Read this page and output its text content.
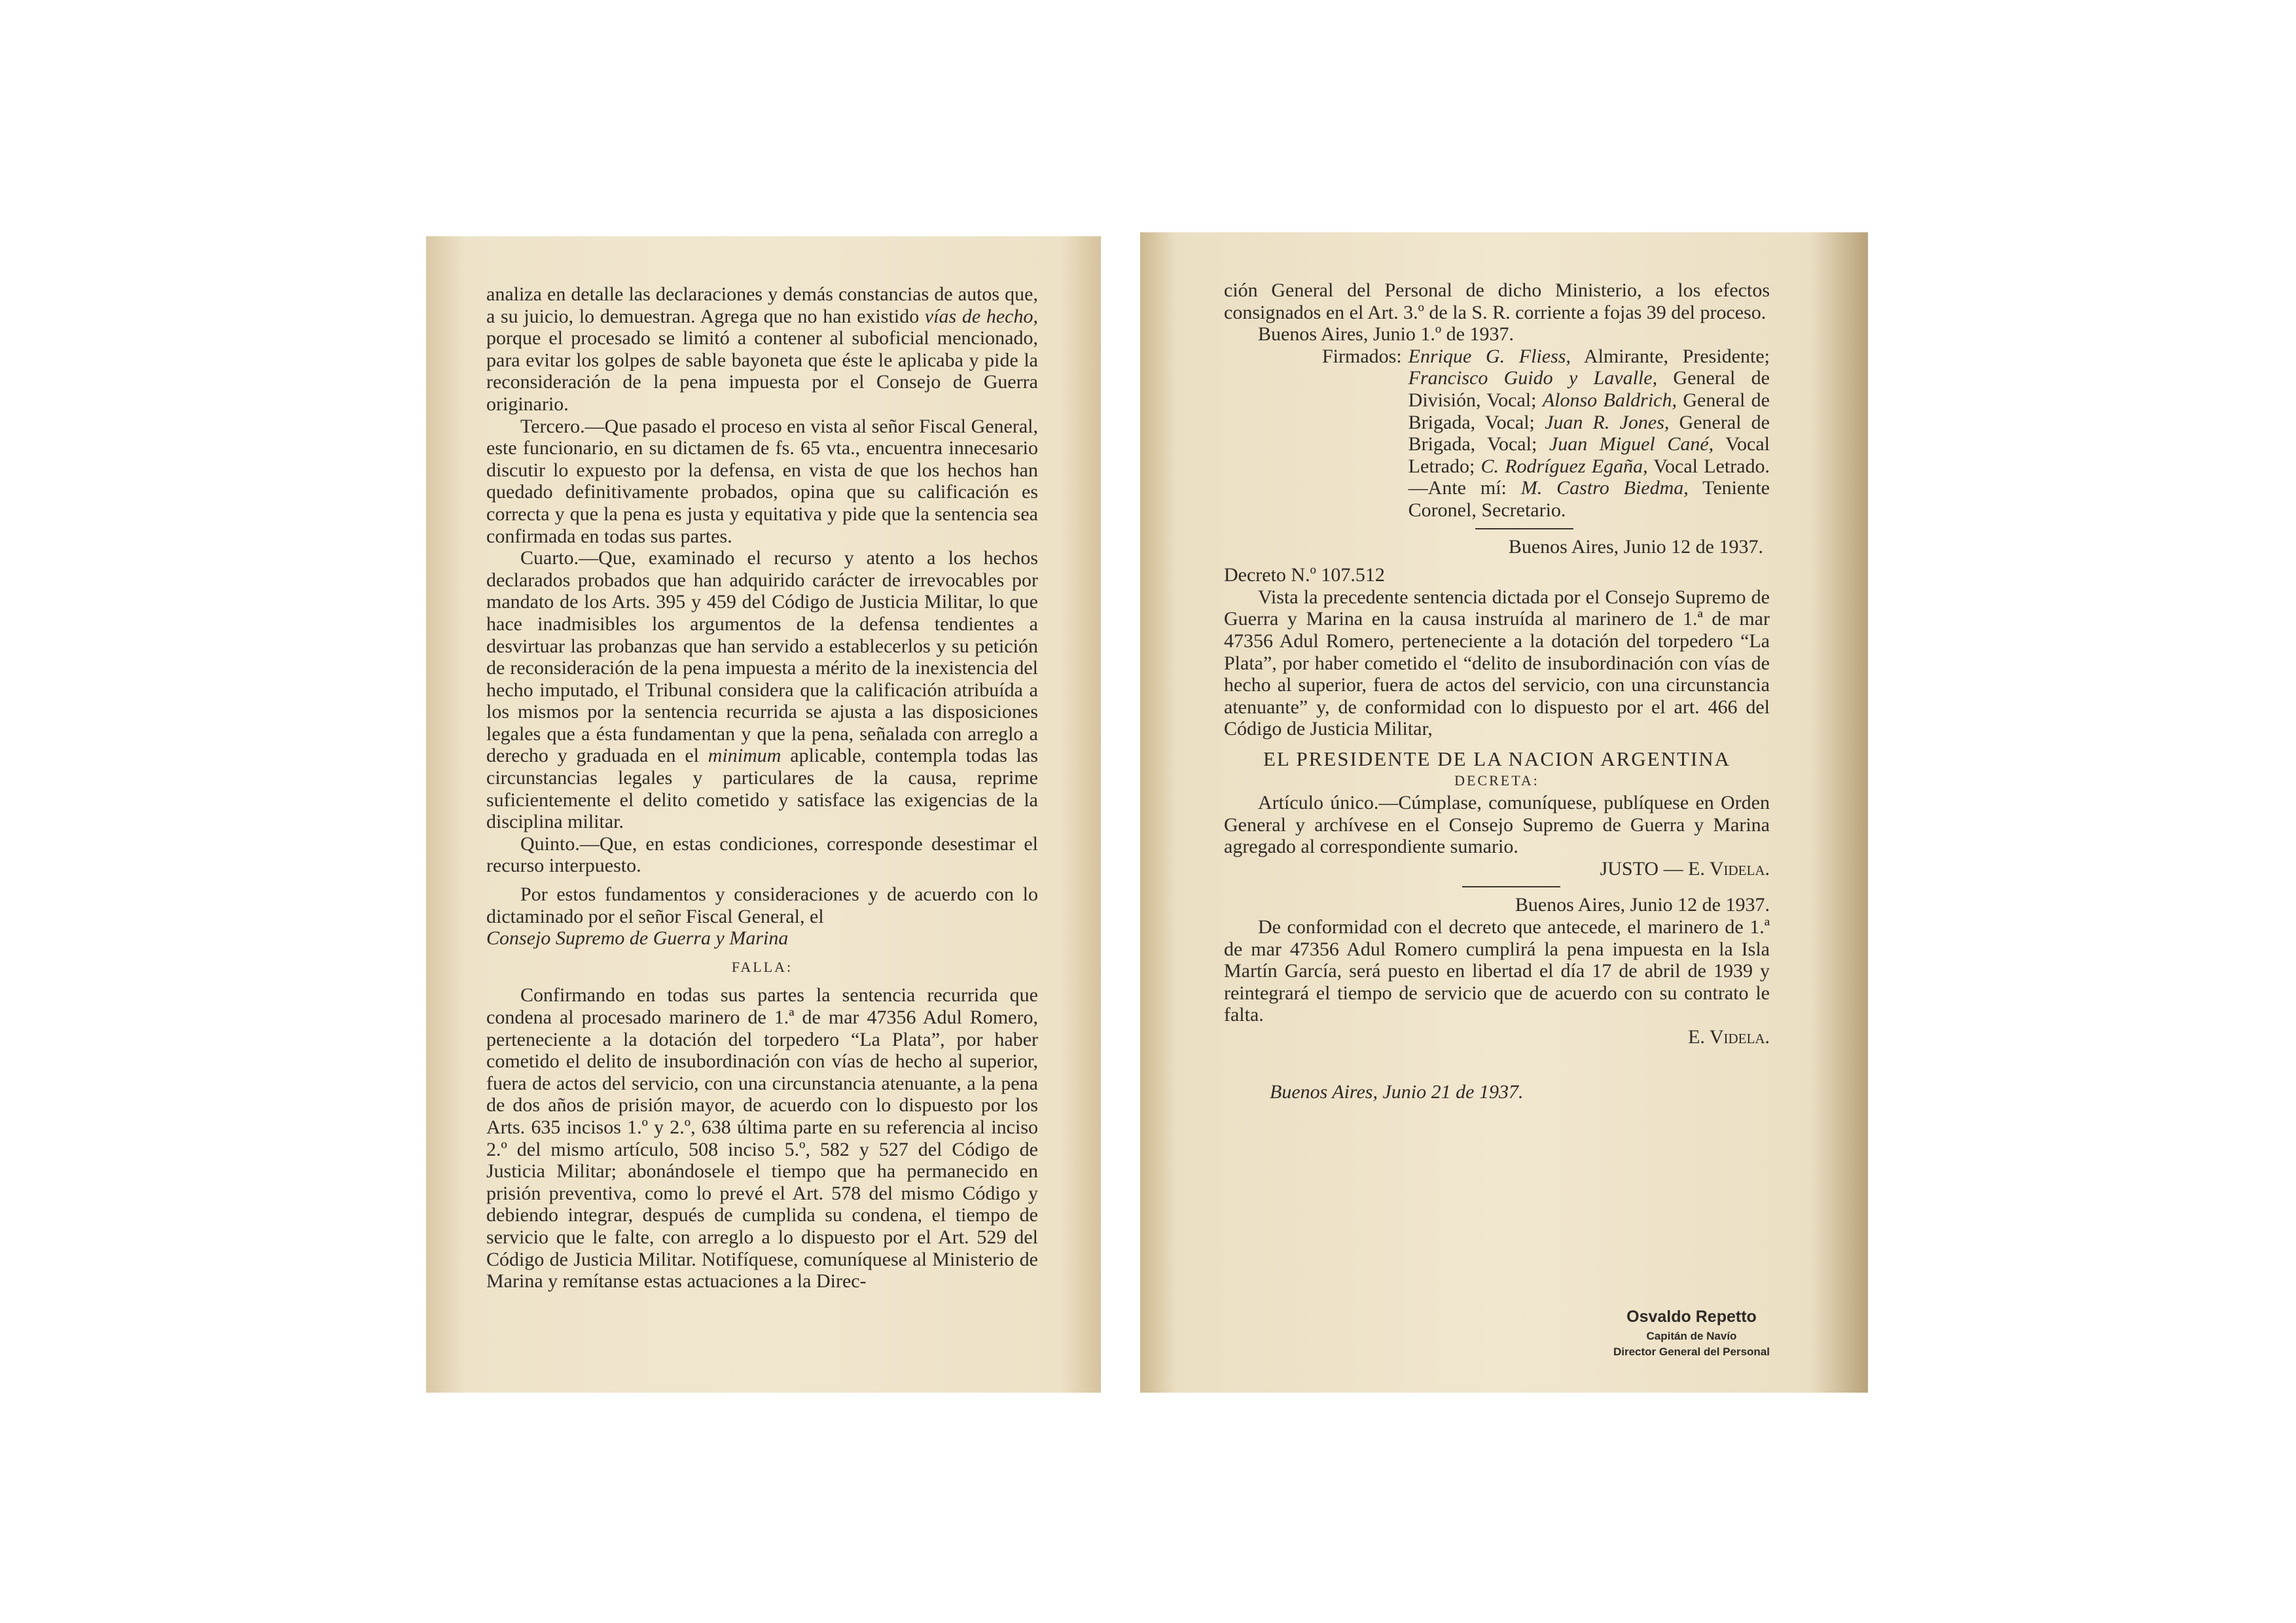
analiza en detalle las declaraciones y demás constancias de autos que, a su juicio, lo demuestran. Agrega que no han existido vías de hecho, porque el procesado se limitó a contener al suboficial mencionado, para evitar los golpes de sable bayoneta que éste le aplicaba y pide la reconsideración de la pena impuesta por el Consejo de Guerra originario.

Tercero.—Que pasado el proceso en vista al señor Fiscal General, este funcionario, en su dictamen de fs. 65 vta., encuentra innecesario discutir lo expuesto por la defensa, en vista de que los hechos han quedado definitivamente probados, opina que su calificación es correcta y que la pena es justa y equitativa y pide que la sentencia sea confirmada en todas sus partes.

Cuarto.—Que, examinado el recurso y atento a los hechos declarados probados que han adquirido carácter de irrevocables por mandato de los Arts. 395 y 459 del Código de Justicia Militar, lo que hace inadmisibles los argumentos de la defensa tendientes a desvirtuar las probanzas que han servido a establecerlos y su petición de reconsideración de la pena impuesta a mérito de la inexistencia del hecho imputado, el Tribunal considera que la calificación atribuída a los mismos por la sentencia recurrida se ajusta a las disposiciones legales que a ésta fundamentan y que la pena, señalada con arreglo a derecho y graduada en el minimum aplicable, contempla todas las circunstancias legales y particulares de la causa, reprime suficientemente el delito cometido y satisface las exigencias de la disciplina militar.

Quinto.—Que, en estas condiciones, corresponde desestimar el recurso interpuesto.

Por estos fundamentos y consideraciones y de acuerdo con lo dictaminado por el señor Fiscal General, el

Consejo Supremo de Guerra y Marina

FALLA:

Confirmando en todas sus partes la sentencia recurrida que condena al procesado marinero de 1.ª de mar 47356 Adul Romero, perteneciente a la dotación del torpedero “La Plata”, por haber cometido el delito de insubordinación con vías de hecho al superior, fuera de actos del servicio, con una circunstancia atenuante, a la pena de dos años de prisión mayor, de acuerdo con lo dispuesto por los Arts. 635 incisos 1.º y 2.º, 638 última parte en su referencia al inciso 2.º del mismo artículo, 508 inciso 5.º, 582 y 527 del Código de Justicia Militar; abonándosele el tiempo que ha permanecido en prisión preventiva, como lo prevé el Art. 578 del mismo Código y debiendo integrar, después de cumplida su condena, el tiempo de servicio que le falte, con arreglo a lo dispuesto por el Art. 529 del Código de Justicia Militar. Notifíquese, comuníquese al Ministerio de Marina y remítanse estas actuaciones a la Direc-

ción General del Personal de dicho Ministerio, a los efectos consignados en el Art. 3.º de la S. R. corriente a fojas 39 del proceso.

Buenos Aires, Junio 1.º de 1937.

Firmados: Enrique G. Fliess, Almirante, Presidente; Francisco Guido y Lavalle, General de División, Vocal; Alonso Baldrich, General de Brigada, Vocal; Juan R. Jones, General de Brigada, Vocal; Juan Miguel Cané, Vocal Letrado; C. Rodríguez Egaña, Vocal Letrado.—Ante mí: M. Castro Biedma, Teniente Coronel, Secretario.

Buenos Aires, Junio 12 de 1937.

Decreto N.º 107.512

Vista la precedente sentencia dictada por el Consejo Supremo de Guerra y Marina en la causa instruída al marinero de 1.ª de mar 47356 Adul Romero, perteneciente a la dotación del torpedero “La Plata”, por haber cometido el “delito de insubordinación con vías de hecho al superior, fuera de actos del servicio, con una circunstancia atenuante” y, de conformidad con lo dispuesto por el art. 466 del Código de Justicia Militar,

EL PRESIDENTE DE LA NACION ARGENTINA

DECRETA:

Artículo único.—Cúmplase, comuníquese, publíquese en Orden General y archívese en el Consejo Supremo de Guerra y Marina agregado al correspondiente sumario.

JUSTO — E. Videla.

Buenos Aires, Junio 12 de 1937.

De conformidad con el decreto que antecede, el marinero de 1.ª de mar 47356 Adul Romero cumplirá la pena impuesta en la Isla Martín García, será puesto en libertad el día 17 de abril de 1939 y reintegrará el tiempo de servicio que de acuerdo con su contrato le falta.

E. Videla.

Buenos Aires, Junio 21 de 1937.

Osvaldo Repetto
Capitán de Navío
Director General del Personal
